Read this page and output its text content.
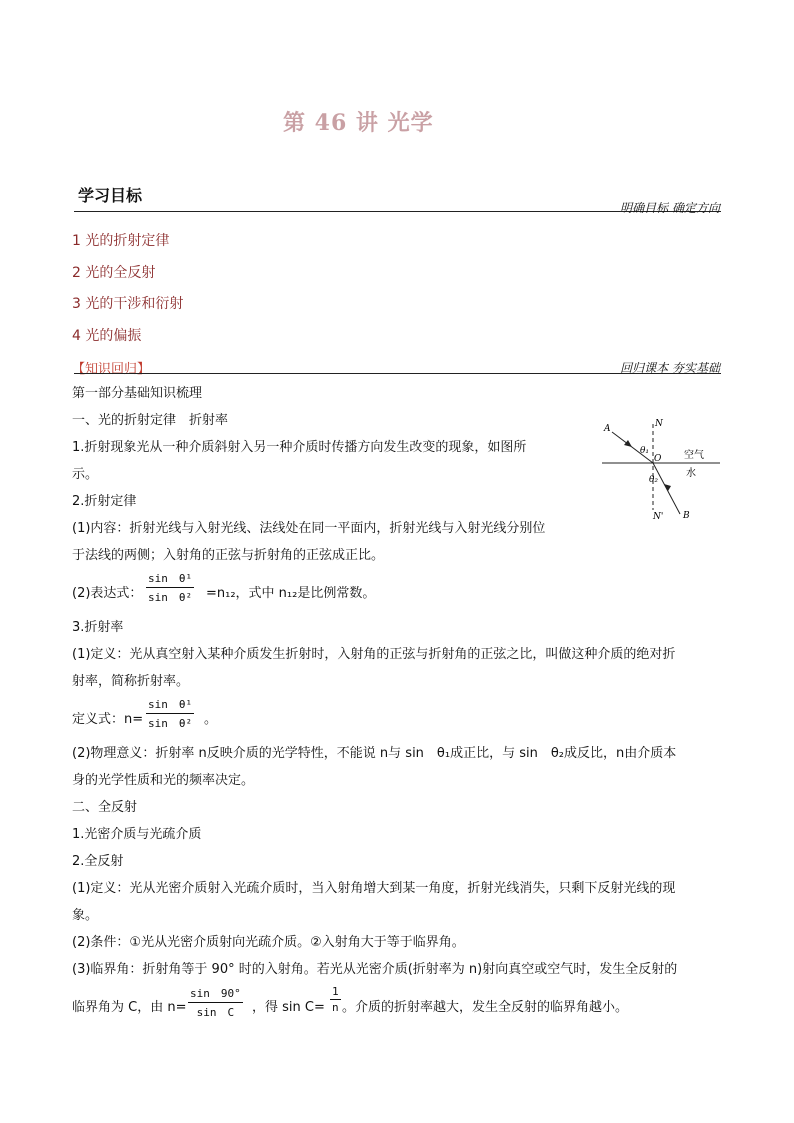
第 46 讲 光学
学习目标
明确目标 确定方向
1 光的折射定律
2 光的全反射
3 光的干涉和衍射
4 光的偏振
【知识回归】	回归课本 夯实基础
第一部分基础知识梳理
一、光的折射定律　折射率
1.折射现象光从一种介质斜射入另一种介质时传播方向发生改变的现象，如图所
示。
2.折射定律
(1)内容：折射光线与入射光线、法线处在同一平面内，折射光线与入射光线分别位
于法线的两侧；入射角的正弦与折射角的正弦成正比。
(2)表达式： $\frac{\text{sin　θ¹}}{\text{sin　θ²}} =n_{12}$，式中 n₁₂是比例常数。
3.折射率
(1)定义：光从真空射入某种介质发生折射时，入射角的正弦与折射角的正弦之比，叫做这种介质的绝对折
射率，简称折射率。
定义式：$n= \frac{\text{sin　θ¹}}{\text{sin　θ²}}$ 。
(2)物理意义：折射率 n反映介质的光学特性，不能说 n与 sin　θ₁成正比，与 sin　θ₂成反比，n由介质本
身的光学性质和光的频率决定。
二、全反射
1.光密介质与光疏介质
2.全反射
(1)定义：光从光密介质射入光疏介质时，当入射角增大到某一角度，折射光线消失，只剩下反射光线的现
象。
(2)条件：①光从光密介质射向光疏介质。②入射角大于等于临界角。
(3)临界角：折射角等于 90° 时的入射角。若光从光密介质(折射率为 n)射向真空或空气时，发生全反射的
临界角为 C，由 $n= \frac{\sin 90^\circ}{\text{sin　C}}$ ，得 $\sin C= \frac{1}{n}$ 。介质的折射率越大，发生全反射的临界角越小。
N
N'
A
B
O
θ₁
θ₂
空气
水
